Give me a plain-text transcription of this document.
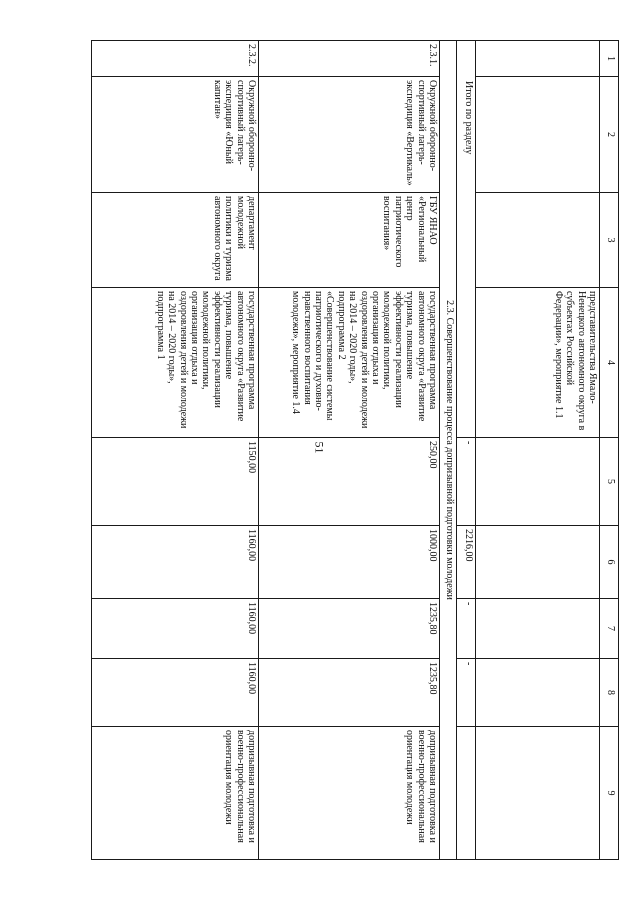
51
1	2	3	4	5	6	7	8	9
			представительства Ямало-Ненецкого автономного округа в субъектах Российской Федерации», мероприятие 1.1					
Итого по разделу				-	2216,00	-	-	
2.3. Совершенствование процесса допризывной подготовки молодежи								
2.3.1.	Окружной оборонно-спортивный лагерь-экспедиция «Вертикаль»	ГБУ ЯНАО «Региональный центр патриотического воспитания»	государственная программа автономного округа «Развитие туризма, повышение эффективности реализации молодежной политики, организация отдыха и оздоровления детей и молодежи на 2014 – 2020 годы», подпрограмма 2 «Совершенствование системы патриотического и духовно-нравственного воспитания молодежи», мероприятие 1.4	250,00	1000,00	1235,80	1235,80	допризывная подготовка и военно-профессиональная ориентация молодежи
2.3.2.	Окружной оборонно-спортивный лагерь-экспедиция «Юный капитан»	департамент молодежной политики и туризма автономного округа	государственная программа автономного округа «Развитие туризма, повышение эффективности реализации молодежной политики, организация отдыха и оздоровления детей и молодежи на 2014 – 2020 годы», подпрограмма 1	1150,00	1160,00	1160,00	1160,00	допризывная подготовка и военно-профессиональная ориентация молодежи
